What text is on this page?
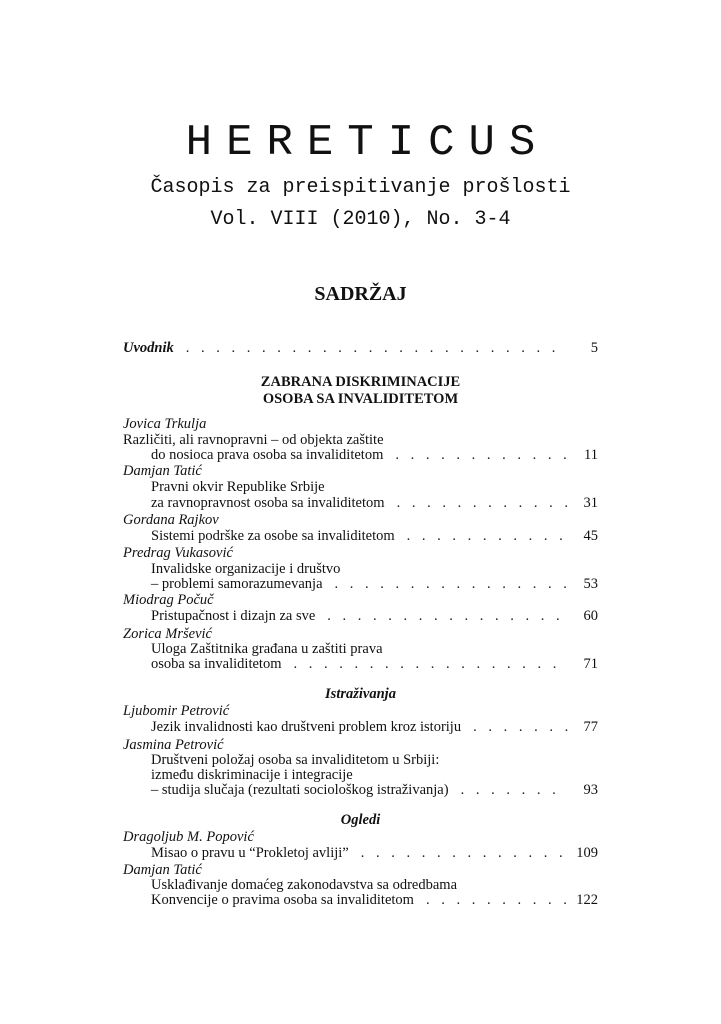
HERETICUS

Časopis za preispitivanje prošlosti

Vol. VIII (2010), No. 3-4

SADRŽAJ
Uvodnik . . .	5

ZABRANA DISKRIMINACIJE

OSOBA SA INVALIDITETOM

Jovica Trkulja

Različiti, ali ravnopravni – od objekta zaštite

do nosioca prava osoba sa invaliditetom . . .	11

Damjan Tatić

Pravni okvir Republike Srbije

za ravnopravnost osoba sa invaliditetom . . .	31

Gordana Rajkov

Sistemi podrške za osobe sa invaliditetom . . .	45

Predrag Vukasović

Invalidske organizacije i društvo

– problemi samorazumevanja . . .	53

Miodrag Počuč

Pristupačnost i dizajn za sve . . .	60

Zorica Mršević

Uloga Zaštitnika građana u zaštiti prava

osoba sa invaliditetom . . .	71

Istraživanja

Ljubomir Petrović

Jezik invalidnosti kao društveni problem kroz istoriju . . .	77

Jasmina Petrović

Društveni položaj osoba sa invaliditetom u Srbiji:

između diskriminacije i integracije

– studija slučaja (rezultati sociološkog istraživanja) . . .	93

Ogledi

Dragoljub M. Popović

Misao o pravu u “Prokletoj avliji” . . .	109

Damjan Tatić

Usklađivanje domaćeg zakonodavstva sa odredbama

Konvencije o pravima osoba sa invaliditetom . . .	122
